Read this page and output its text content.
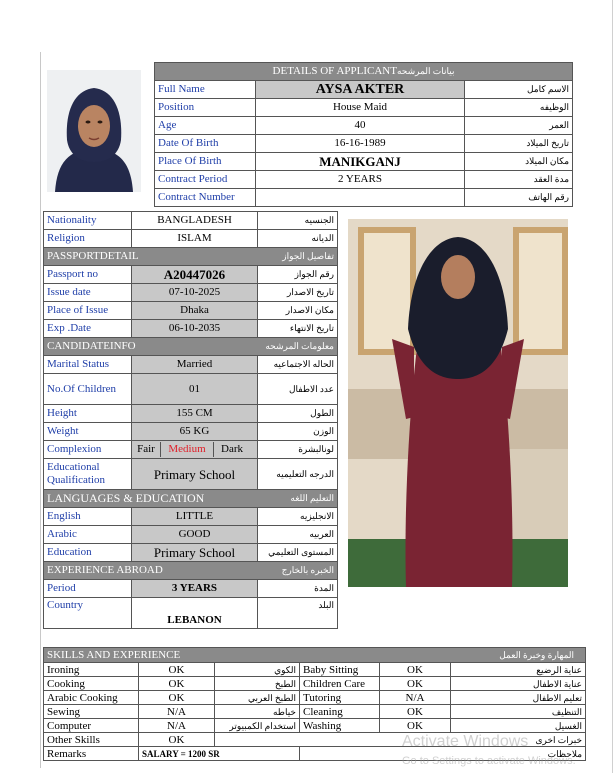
DETAILS OF APPLICANTبيانات المرشحه		
Full Name	AYSA AKTER	الاسم كامل
Position	House Maid	الوظيفه
Age	40	العمر
Date Of Birth	16-16-1989	تاريخ الميلاد
Place Of Birth	MANIKGANJ	مكان الميلاد
Contract Period	2 YEARS	مدة العقد
Contract Number		رقم الهاتف
Nationality	BANGLADESH	الجنسيه
Religion	ISLAM	الديانه
PASSPORTDETAIL تفاصيل الجواز		

Passport no	A20447026	رقم الجواز
Issue date	07-10-2025	تاريخ الاصدار
Place of Issue	Dhaka	مكان الاصدار
Exp .Date	06-10-2035	تاريخ الانتهاء
CANDIDATEINFO معلومات المرشحه		

Marital Status	Married	الحاله الاجتماعيه
No.Of Children	01	عدد الاطفال
Height	155 CM	الطول
Weight	65 KG	الوزن
Complexion	Fair Medium Dark	لونالبشرة
Educational Qualification	Primary School	الدرجه التعليميه
LANGUAGES & EDUCATION التعليم اللغه		

English	LITTLE	الانجليزيه
Arabic	GOOD	العربيه
Education	Primary School	المستوى التعليمي
EXPERIENCE ABROAD الخبره بالخارج		

Period	3 YEARS	المدة
Country	LEBANON	البلد
SKILLS AND EXPERIENCE المهارة وخبرة العمل					

Ironing	OK	الكوي	Baby Sitting	OK	عناية الرضيع
Cooking	OK	الطبخ	Children Care	OK	عناية الاطفال
Arabic Cooking	OK	الطبخ العربي	Tutoring	N/A	تعليم الاطفال
Sewing	N/A	خياطه	Cleaning	OK	التنظيف
Computer	N/A	استخدام الكمبيوتر	Washing	OK	الغسيل
Other Skills	OK	خبرات اخرى			
Remarks	SALARY = 1200 SR		ملاحظات		
Activate Windows
Go to Settings to activate Windows.
